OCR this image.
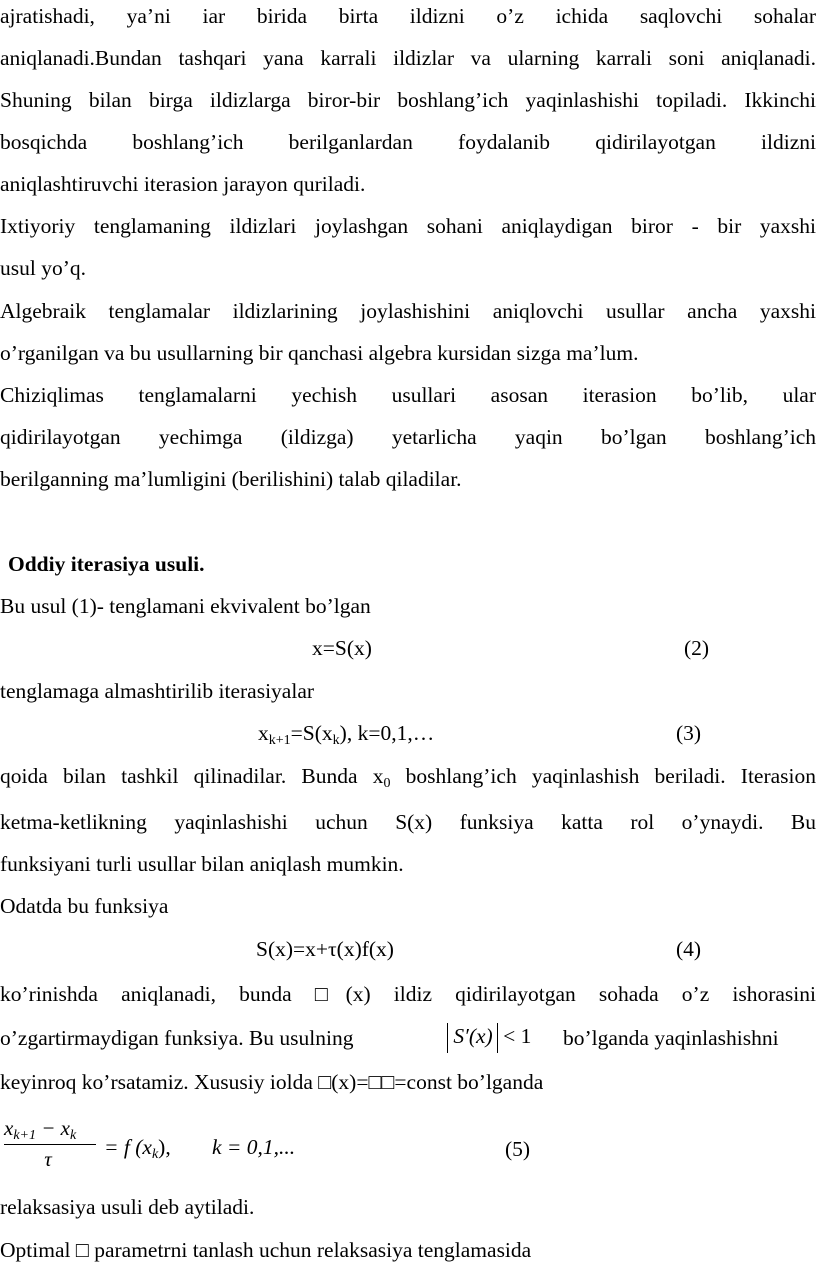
ajratishadi, ya’ni iar birida birta ildizni o’z ichida saqlovchi sohalar
aniqlanadi.Bundan tashqari yana karrali ildizlar va ularning karrali soni aniqlanadi.
Shuning bilan birga ildizlarga biror-bir boshlang’ich yaqinlashishi topiladi. Ikkinchi
bosqichda boshlang’ich berilganlardan foydalanib qidirilayotgan ildizni
aniqlashtiruvchi iterasion jarayon quriladi.
Ixtiyoriy tenglamaning ildizlari joylashgan sohani aniqlaydigan biror - bir yaxshi
usul yo’q.
Algebraik tenglamalar ildizlarining joylashishini aniqlovchi usullar ancha yaxshi
o’rganilgan va bu usullarning bir qanchasi algebra kursidan sizga ma’lum.
Chiziqlimas tenglamalarni yechish usullari asosan iterasion bo’lib, ular
qidirilayotgan yechimga (ildizga) yetarlicha yaqin bo’lgan boshlang’ich
berilganning ma’lumligini (berilishini) talab qiladilar.
Oddiy iterasiya usuli.
Bu usul (1)- tenglamani ekvivalent bo’lgan
x=S(x)	(2)
tenglamaga almashtirilib iterasiyalar
$x_{k+1}=S(x_k)$, k=0,1,…	(3)
qoida bilan tashkil qilinadilar. Bunda $x_0$ boshlang’ich yaqinlashish beriladi. Iterasion
ketma-ketlikning yaqinlashishi uchun S(x) funksiya katta rol o’ynaydi. Bu
funksiyani turli usullar bilan aniqlash mumkin.
Odatda bu funksiya
S(x)=x+τ(x)f(x)	(4)
ko’rinishda aniqlanadi, bunda □(x) ildiz qidirilayotgan sohada o’z ishorasini
o’zgartirmaydigan funksiya. Bu usulning	S′(x) < 1 bo’lganda yaqinlashishni
keyinroq ko’rsatamiz. Xususiy iolda □(x)=□□=const bo’lganda
$x_{k+1} - x_k$
τ	= f $(x_k)$, k = 0,1,...	(5)
relaksasiya usuli deb aytiladi.
Optimal □ parametrni tanlash uchun relaksasiya tenglamasida
